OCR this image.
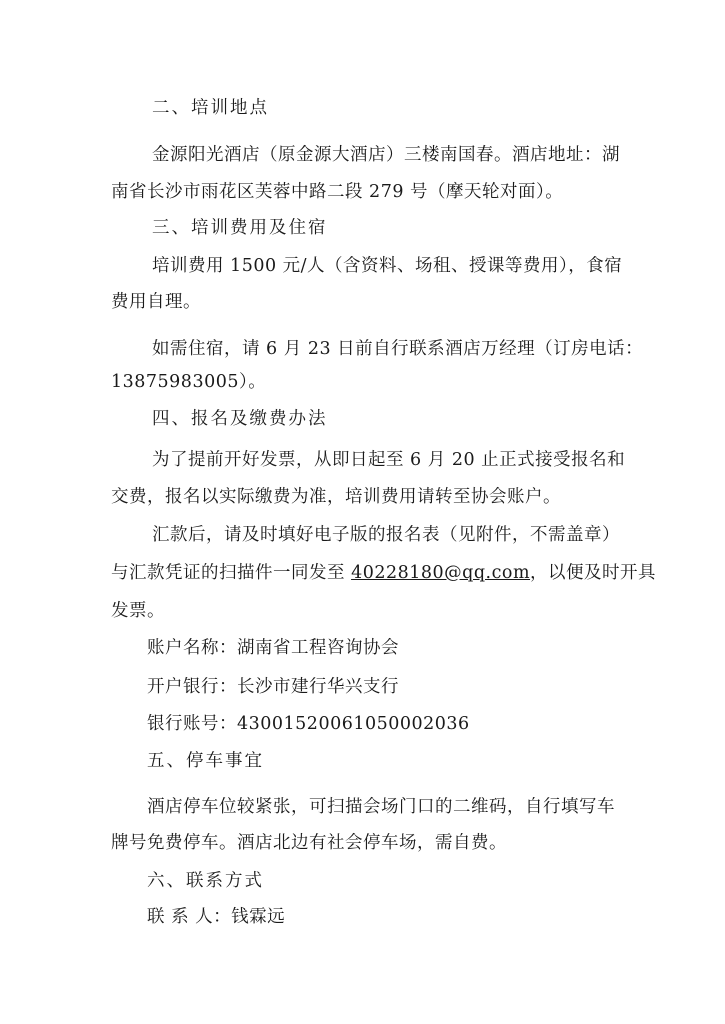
二、培训地点
金源阳光酒店（原金源大酒店）三楼南国春。酒店地址：湖
南省长沙市雨花区芙蓉中路二段 279 号（摩天轮对面）。
三、培训费用及住宿
培训费用 1500 元/人（含资料、场租、授课等费用），食宿
费用自理。
如需住宿，请 6 月 23 日前自行联系酒店万经理（订房电话：
13875983005）。
四、报名及缴费办法
为了提前开好发票，从即日起至 6 月 20 止正式接受报名和
交费，报名以实际缴费为准，培训费用请转至协会账户。
汇款后，请及时填好电子版的报名表（见附件，不需盖章）
与汇款凭证的扫描件一同发至 40228180@qq.com，以便及时开具
发票。
账户名称：湖南省工程咨询协会
开户银行：长沙市建行华兴支行
银行账号：43001520061050002036
五、停车事宜
酒店停车位较紧张，可扫描会场门口的二维码，自行填写车
牌号免费停车。酒店北边有社会停车场，需自费。
六、联系方式
联 系 人：钱霖远
